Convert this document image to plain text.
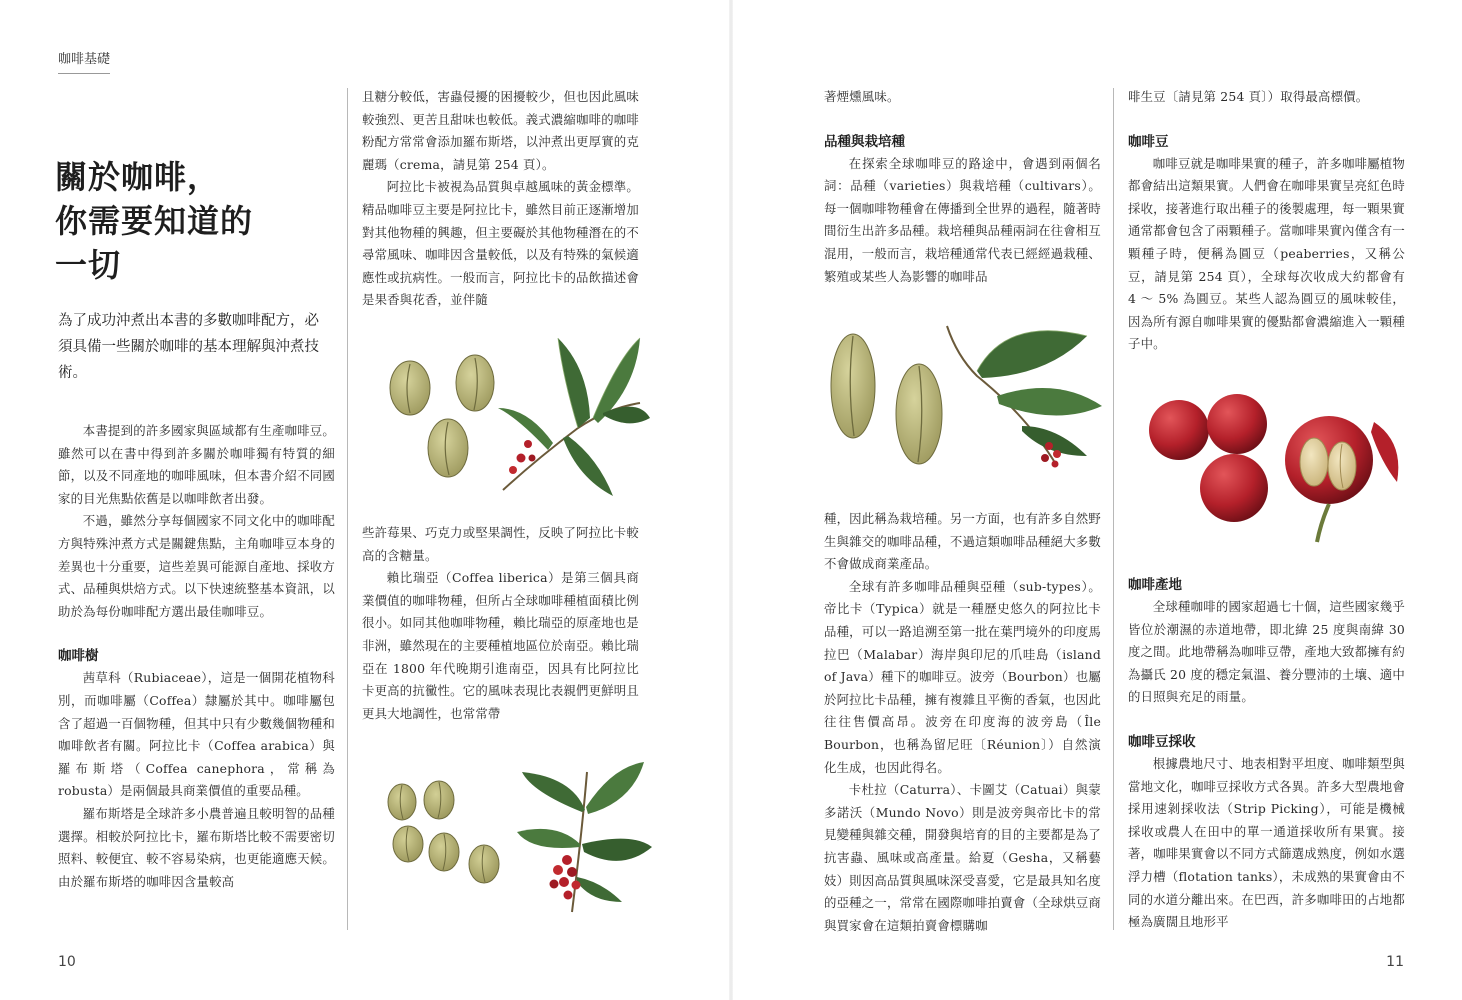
咖啡基礎
關於咖啡，
你需要知道的
一切

為了成功沖煮出本書的多數咖啡配方，必須具備一些關於咖啡的基本理解與沖煮技術。

本書提到的許多國家與區域都有生產咖啡豆。雖然可以在書中得到許多關於咖啡獨有特質的細節，以及不同產地的咖啡風味，但本書介紹不同國家的目光焦點依舊是以咖啡飲者出發。

不過，雖然分享每個國家不同文化中的咖啡配方與特殊沖煮方式是關鍵焦點，主角咖啡豆本身的差異也十分重要，這些差異可能源自產地、採收方式、品種與烘焙方式。以下快速統整基本資訊，以助於為每份咖啡配方選出最佳咖啡豆。

咖啡樹

茜草科（Rubiaceae），這是一個開花植物科別，而咖啡屬（Coffea）隸屬於其中。咖啡屬包含了超過一百個物種，但其中只有少數幾個物種和咖啡飲者有關。阿拉比卡（Coffea arabica）與羅布斯塔（Coffea canephora，常稱為 robusta）是兩個最具商業價值的重要品種。

羅布斯塔是全球許多小農普遍且較明智的品種選擇。相較於阿拉比卡，羅布斯塔比較不需要密切照料、較便宜、較不容易染病，也更能適應天候。由於羅布斯塔的咖啡因含量較高

且糖分較低，害蟲侵擾的困擾較少，但也因此風味較強烈、更苦且甜味也較低。義式濃縮咖啡的咖啡粉配方常常會添加羅布斯塔，以沖煮出更厚實的克麗瑪（crema，請見第 254 頁）。

阿拉比卡被視為品質與卓越風味的黃金標準。精品咖啡豆主要是阿拉比卡，雖然目前正逐漸增加對其他物種的興趣，但主要礙於其他物種潛在的不尋常風味、咖啡因含量較低，以及有特殊的氣候適應性或抗病性。一般而言，阿拉比卡的品飲描述會是果香與花香，並伴隨

些許莓果、巧克力或堅果調性，反映了阿拉比卡較高的含糖量。

賴比瑞亞（Coffea liberica）是第三個具商業價值的咖啡物種，但所占全球咖啡種植面積比例很小。如同其他咖啡物種，賴比瑞亞的原產地也是非洲，雖然現在的主要種植地區位於南亞。賴比瑞亞在 1800 年代晚期引進南亞，因具有比阿拉比卡更高的抗黴性。它的風味表現比表親們更鮮明且更具大地調性，也常常帶

10

著煙燻風味。

品種與栽培種

在探索全球咖啡豆的路途中，會遇到兩個名詞：品種（varieties）與栽培種（cultivars）。每一個咖啡物種會在傳播到全世界的過程，隨著時間衍生出許多品種。栽培種與品種兩詞在往會相互混用，一般而言，栽培種通常代表已經經過栽種、繁殖或某些人為影響的咖啡品

種，因此稱為栽培種。另一方面，也有許多自然野生與雜交的咖啡品種，不過這類咖啡品種絕大多數不會做成商業產品。

全球有許多咖啡品種與亞種（sub-types）。帝比卡（Typica）就是一種歷史悠久的阿拉比卡品種，可以一路追溯至第一批在葉門境外的印度馬拉巴（Malabar）海岸與印尼的爪哇島（island of Java）種下的咖啡豆。波旁（Bourbon）也屬於阿拉比卡品種，擁有複雜且平衡的香氣，也因此往往售價高昂。波旁在印度海的波旁島（Île Bourbon，也稱為留尼旺〔Réunion〕）自然演化生成，也因此得名。

卡杜拉（Caturra）、卡圖艾（Catuai）與蒙多諾沃（Mundo Novo）則是波旁與帝比卡的常見變種與雜交種，開發與培育的目的主要都是為了抗害蟲、風味或高產量。給夏（Gesha，又稱藝妓）則因高品質與風味深受喜愛，它是最具知名度的亞種之一，常常在國際咖啡拍賣會（全球烘豆商與買家會在這類拍賣會標購咖

啡生豆〔請見第 254 頁〕）取得最高標價。

咖啡豆

咖啡豆就是咖啡果實的種子，許多咖啡屬植物都會結出這類果實。人們會在咖啡果實呈亮紅色時採收，接著進行取出種子的後製處理，每一顆果實通常都會包含了兩顆種子。當咖啡果實內僅含有一顆種子時，便稱為圓豆（peaberries，又稱公豆，請見第 254 頁），全球每次收成大約都會有 4 ～ 5% 為圓豆。某些人認為圓豆的風味較佳，因為所有源自咖啡果實的優點都會濃縮進入一顆種子中。

咖啡產地

全球種咖啡的國家超過七十個，這些國家幾乎皆位於潮濕的赤道地帶，即北緯 25 度與南緯 30 度之間。此地帶稱為咖啡豆帶，產地大致都擁有約為攝氏 20 度的穩定氣溫、養分豐沛的土壤、適中的日照與充足的雨量。

咖啡豆採收

根據農地尺寸、地表相對平坦度、咖啡類型與當地文化，咖啡豆採收方式各異。許多大型農地會採用速剝採收法（Strip Picking），可能是機械採收或農人在田中的單一通道採收所有果實。接著，咖啡果實會以不同方式篩選成熟度，例如水選浮力槽（flotation tanks），未成熟的果實會由不同的水道分離出來。在巴西，許多咖啡田的占地都極為廣闊且地形平

11
